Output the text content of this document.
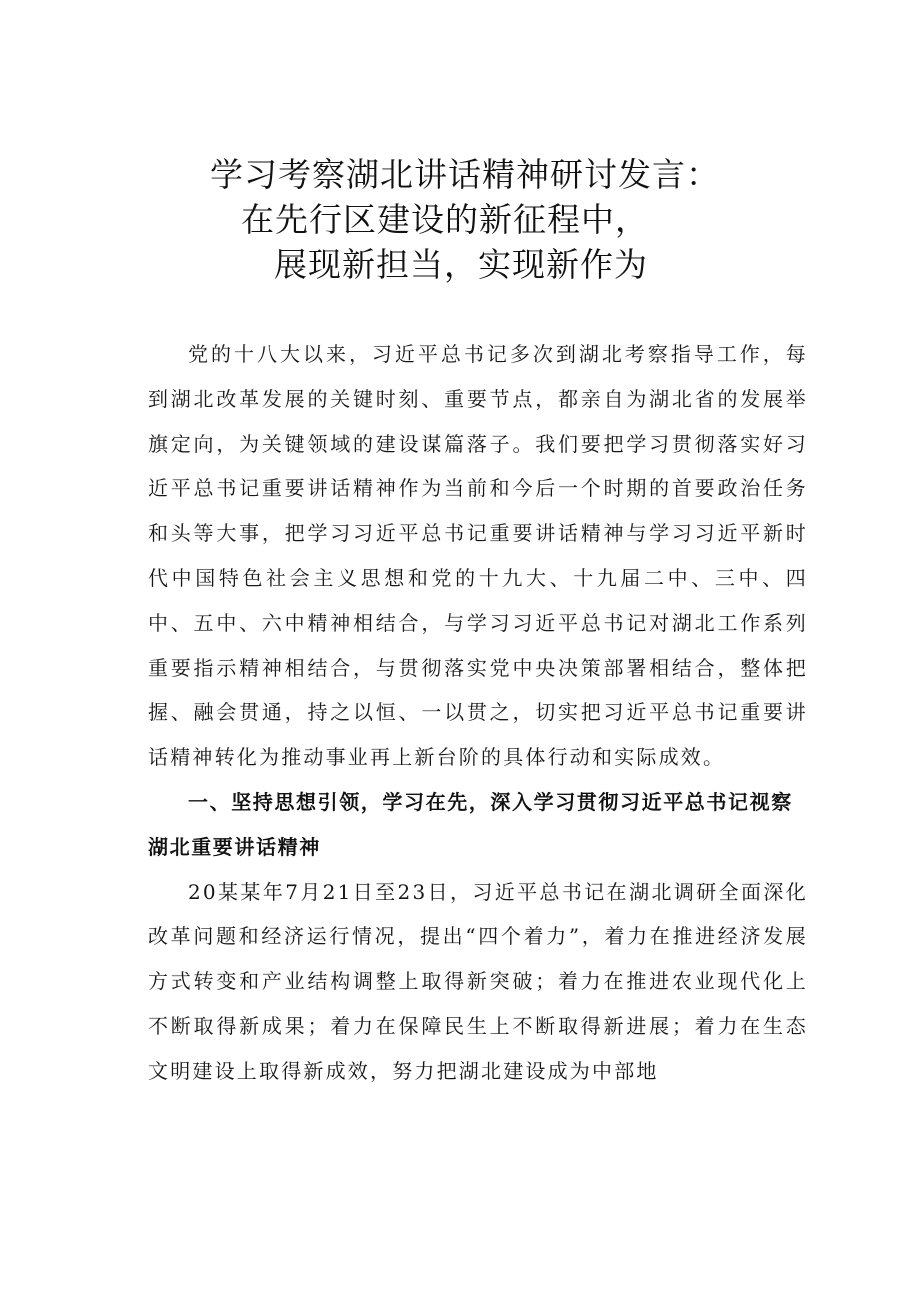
学习考察湖北讲话精神研讨发言：
在先行区建设的新征程中，
展现新担当，实现新作为

党的十八大以来，习近平总书记多次到湖北考察指导工作，每到湖北改革发展的关键时刻、重要节点，都亲自为湖北省的发展举旗定向，为关键领域的建设谋篇落子。我们要把学习贯彻落实好习近平总书记重要讲话精神作为当前和今后一个时期的首要政治任务和头等大事，把学习习近平总书记重要讲话精神与学习习近平新时代中国特色社会主义思想和党的十九大、十九届二中、三中、四中、五中、六中精神相结合，与学习习近平总书记对湖北工作系列重要指示精神相结合，与贯彻落实党中央决策部署相结合，整体把握、融会贯通，持之以恒、一以贯之，切实把习近平总书记重要讲话精神转化为推动事业再上新台阶的具体行动和实际成效。

一、坚持思想引领，学习在先，深入学习贯彻习近平总书记视察湖北重要讲话精神

20某某年7月21日至23日，习近平总书记在湖北调研全面深化改革问题和经济运行情况，提出“四个着力”，着力在推进经济发展方式转变和产业结构调整上取得新突破；着力在推进农业现代化上不断取得新成果；着力在保障民生上不断取得新进展；着力在生态文明建设上取得新成效，努力把湖北建设成为中部地
